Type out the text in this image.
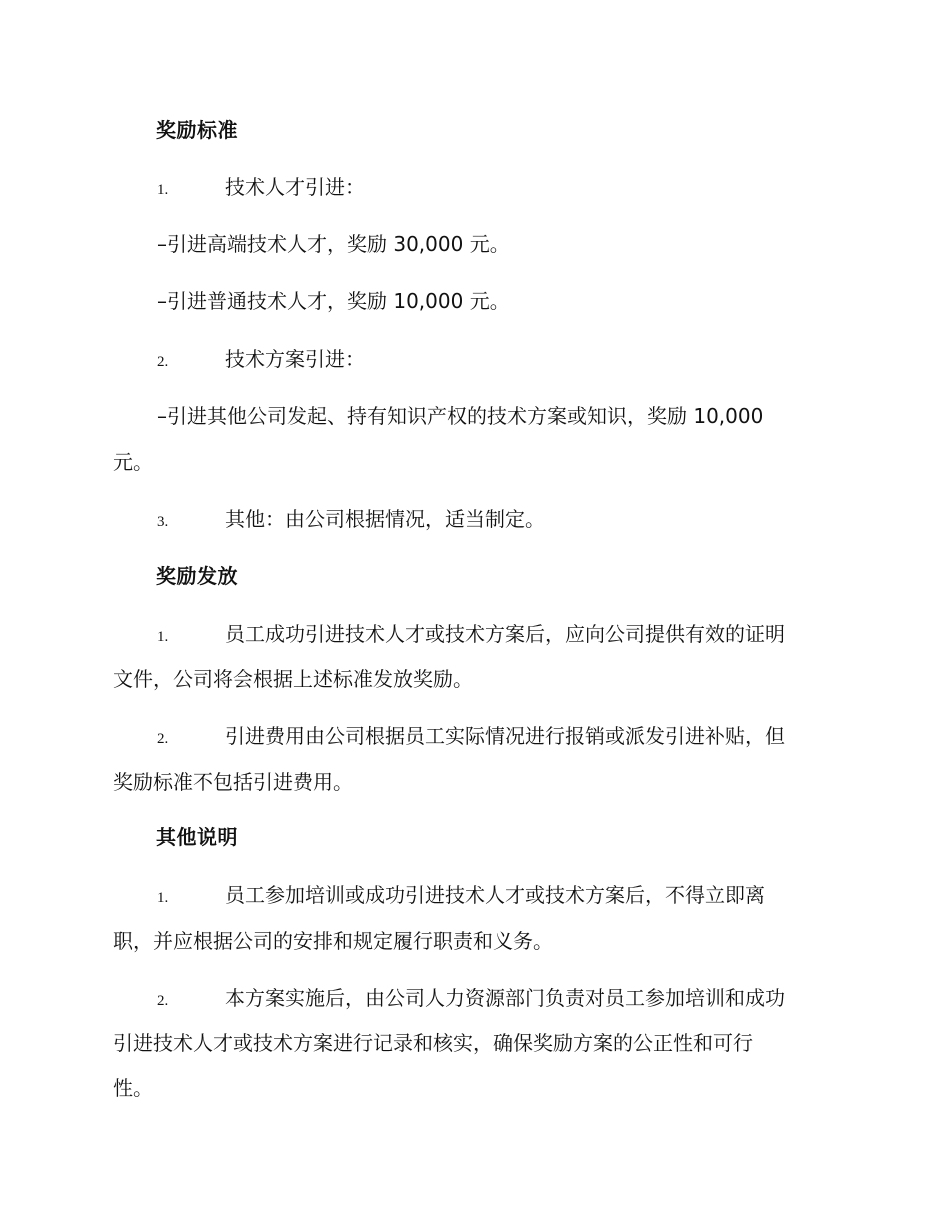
奖励标准
1.	技术人才引进：
–引进高端技术人才，奖励 30,000 元。
–引进普通技术人才，奖励 10,000 元。
2.	技术方案引进：
–引进其他公司发起、持有知识产权的技术方案或知识，奖励 10,000
元。
3.	其他：由公司根据情况，适当制定。
奖励发放
1.	员工成功引进技术人才或技术方案后，应向公司提供有效的证明
文件，公司将会根据上述标准发放奖励。
2.	引进费用由公司根据员工实际情况进行报销或派发引进补贴，但
奖励标准不包括引进费用。
其他说明
1.	员工参加培训或成功引进技术人才或技术方案后，不得立即离
职，并应根据公司的安排和规定履行职责和义务。
2.	本方案实施后，由公司人力资源部门负责对员工参加培训和成功
引进技术人才或技术方案进行记录和核实，确保奖励方案的公正性和可行
性。
